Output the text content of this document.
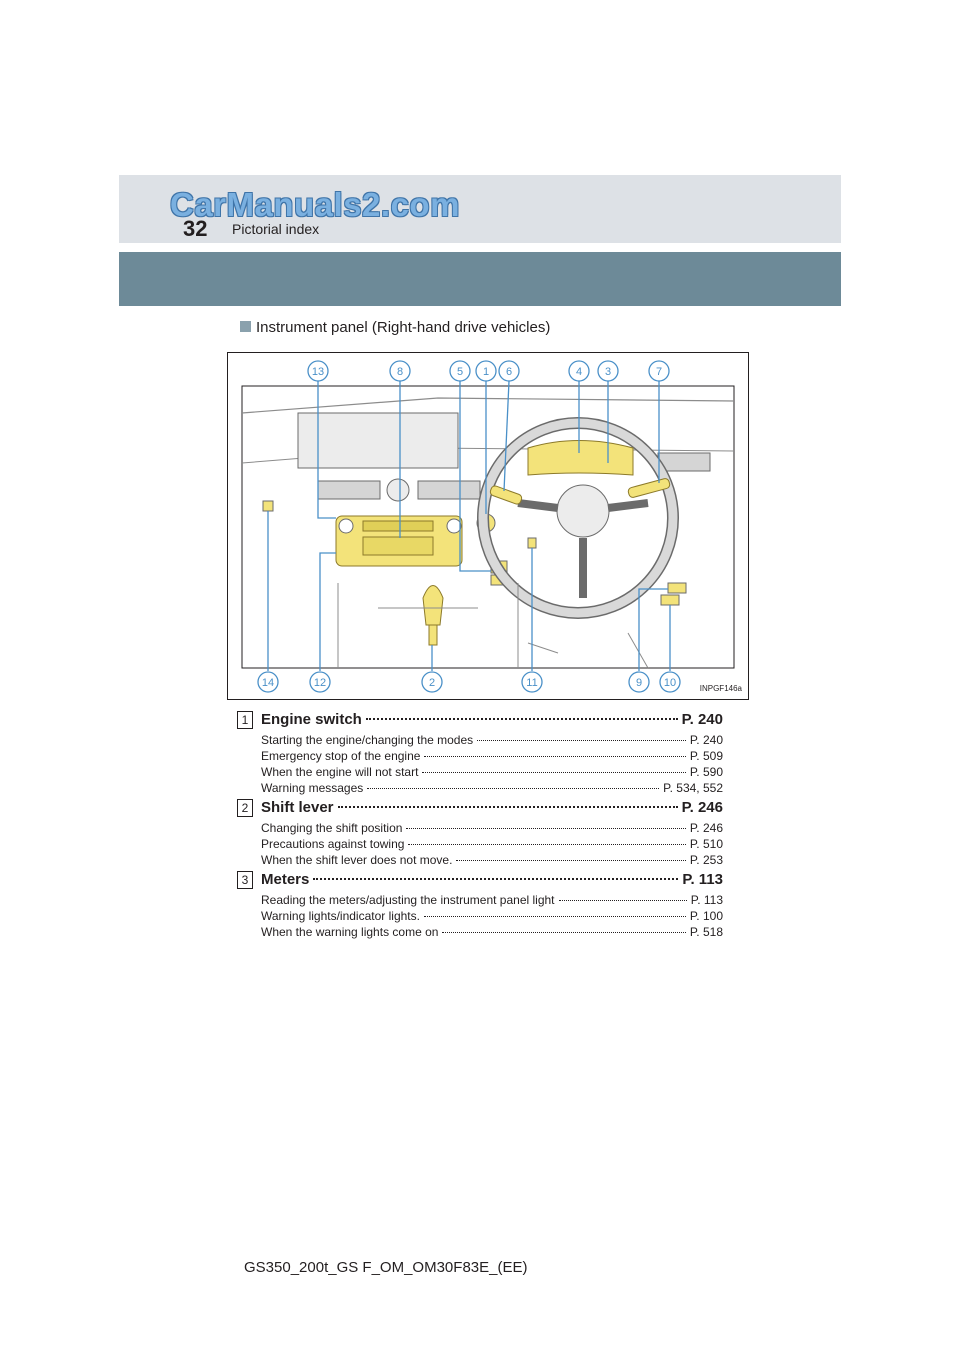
CarManuals2.com
32 Pictorial index
Instrument panel (Right-hand drive vehicles)
13	8	5 1 6	4 3	7
14	12	2	11	9 10	INPGF146a
1 Engine switch	P. 240
Starting the engine/changing the modes	P. 240
Emergency stop of the engine	P. 509
When the engine will not start	P. 590
Warning messages	P. 534, 552
2 Shift lever	P. 246
Changing the shift position	P. 246
Precautions against towing	P. 510
When the shift lever does not move.	P. 253
3 Meters	P. 113
Reading the meters/adjusting the instrument panel light	P. 113
Warning lights/indicator lights.	P. 100
When the warning lights come on	P. 518
GS350_200t_GS F_OM_OM30F83E_(EE)
